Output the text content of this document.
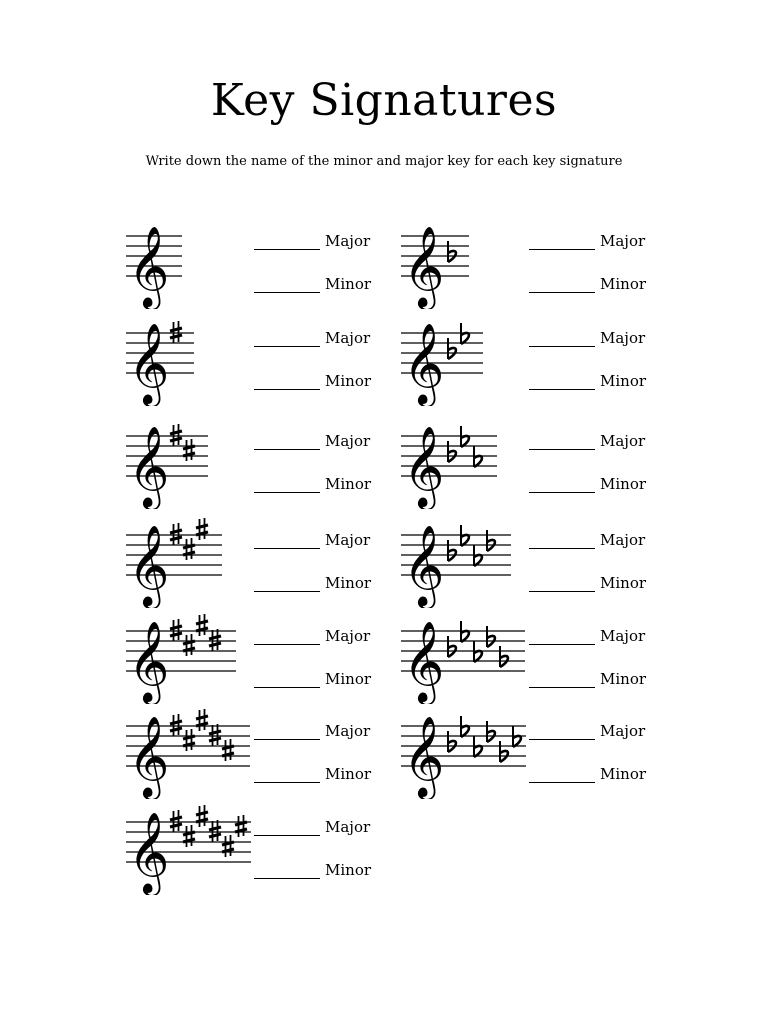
Key Signatures
Write down the name of the minor and major key for each key signature
𝄞	Major
Minor
𝄞	Major
Minor
𝄞	Major
Minor
𝄞	Major
Minor
𝄞	Major
Minor
𝄞	Major
Minor
𝄞	Major
Minor
𝄞	Major
Minor
𝄞	Major
Minor
𝄞	Major
Minor
𝄞	Major
Minor
𝄞	Major
Minor
𝄞	Major
Minor
